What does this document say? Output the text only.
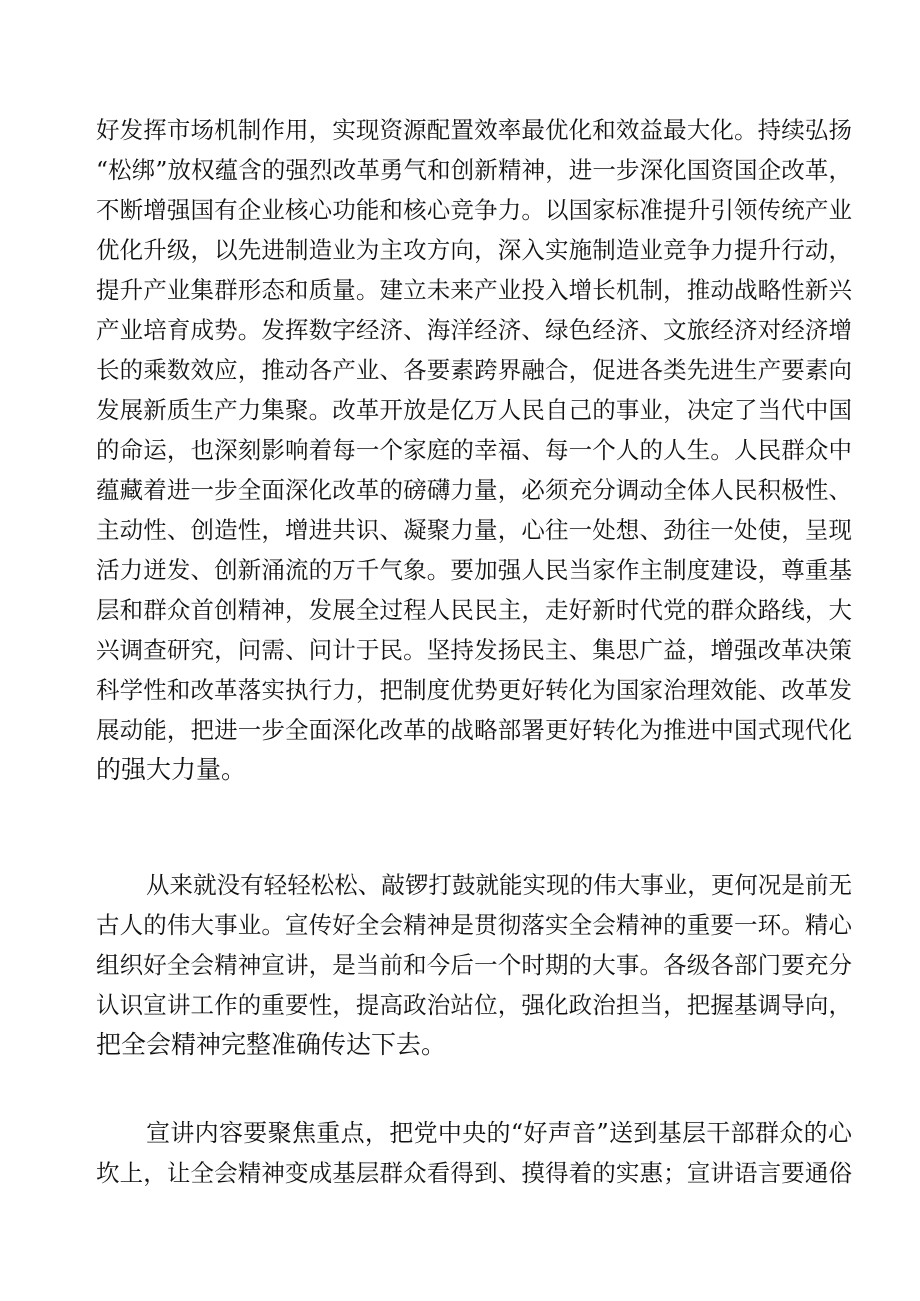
好发挥市场机制作用，实现资源配置效率最优化和效益最大化。持续弘扬
“松绑”放权蕴含的强烈改革勇气和创新精神，进一步深化国资国企改革，
不断增强国有企业核心功能和核心竞争力。以国家标准提升引领传统产业
优化升级，以先进制造业为主攻方向，深入实施制造业竞争力提升行动，
提升产业集群形态和质量。建立未来产业投入增长机制，推动战略性新兴
产业培育成势。发挥数字经济、海洋经济、绿色经济、文旅经济对经济增
长的乘数效应，推动各产业、各要素跨界融合，促进各类先进生产要素向
发展新质生产力集聚。改革开放是亿万人民自己的事业，决定了当代中国
的命运，也深刻影响着每一个家庭的幸福、每一个人的人生。人民群众中
蕴藏着进一步全面深化改革的磅礴力量，必须充分调动全体人民积极性、
主动性、创造性，增进共识、凝聚力量，心往一处想、劲往一处使，呈现
活力迸发、创新涌流的万千气象。要加强人民当家作主制度建设，尊重基
层和群众首创精神，发展全过程人民民主，走好新时代党的群众路线，大
兴调查研究，问需、问计于民。坚持发扬民主、集思广益，增强改革决策
科学性和改革落实执行力，把制度优势更好转化为国家治理效能、改革发
展动能，把进一步全面深化改革的战略部署更好转化为推进中国式现代化
的强大力量。
从来就没有轻轻松松、敲锣打鼓就能实现的伟大事业，更何况是前无
古人的伟大事业。宣传好全会精神是贯彻落实全会精神的重要一环。精心
组织好全会精神宣讲，是当前和今后一个时期的大事。各级各部门要充分
认识宣讲工作的重要性，提高政治站位，强化政治担当，把握基调导向，
把全会精神完整准确传达下去。
宣讲内容要聚焦重点，把党中央的“好声音”送到基层干部群众的心
坎上，让全会精神变成基层群众看得到、摸得着的实惠；宣讲语言要通俗
